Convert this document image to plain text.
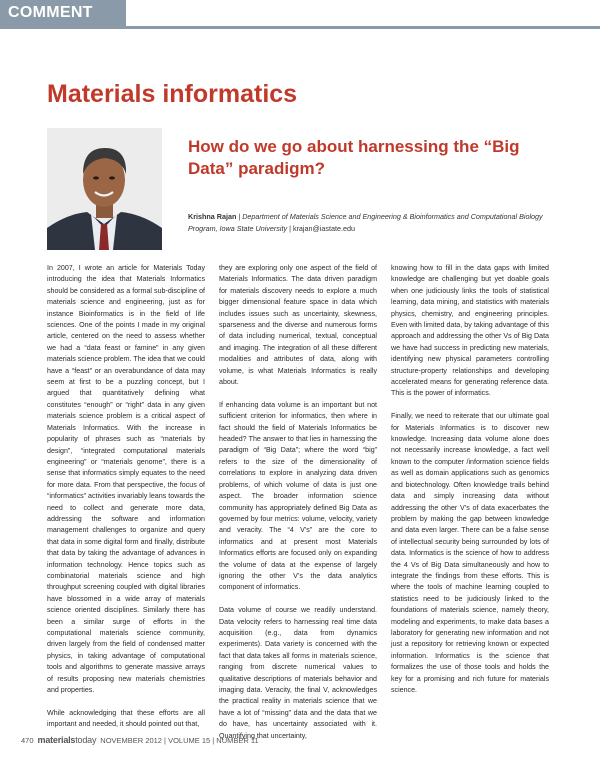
COMMENT
Materials informatics
How do we go about harnessing the “Big Data” paradigm?
Krishna Rajan | Department of Materials Science and Engineering & Bioinformatics and Computational Biology Program, Iowa State University | krajan@iastate.edu

In 2007, I wrote an article for Materials Today introducing the idea that Materials Informatics should be considered as a formal sub-discipline of materials science and engineering, just as for instance Bioinformatics is in the field of life sciences. One of the points I made in my original article, centered on the need to assess whether we had a “data feast or famine” in any given materials science problem. The idea that we could have a “feast” or an overabundance of data may seem at first to be a puzzling concept, but I argued that quantitatively defining what constitutes “enough” or “right” data in any given materials science problem is a critical aspect of Materials Informatics. With the increase in popularity of phrases such as “materials by design”, “integrated computational materials engineering” or “materials genome”, there is a sense that informatics simply equates to the need for more data. From that perspective, the focus of “informatics” activities invariably leans towards the need to collect and generate more data, addressing the software and information management challenges to organize and query that data in some digital form and finally, distribute that data by taking the advantage of advances in information technology. Hence topics such as combinatorial materials science and high throughput screening coupled with digital libraries have blossomed in a wide array of materials science oriented disciplines. Similarly there has been a similar surge of efforts in the computational materials science community, driven largely from the field of condensed matter physics, in taking advantage of computational tools and algorithms to generate massive arrays of results proposing new materials chemistries and properties.

While acknowledging that these efforts are all important and needed, it should pointed out that,

they are exploring only one aspect of the field of Materials Informatics. The data driven paradigm for materials discovery needs to explore a much bigger dimensional feature space in data which includes issues such as uncertainty, skewness, sparseness and the diverse and numerous forms of data including numerical, textual, conceptual and imaging. The integration of all these different modalities and attributes of data, along with volume, is what Materials Informatics is really about.

If enhancing data volume is an important but not sufficient criterion for informatics, then where in fact should the field of Materials Informatics be headed? The answer to that lies in harnessing the paradigm of “Big Data”; where the word “big” refers to the size of the dimensionality of correlations to explore in analyzing data driven problems, of which volume of data is just one aspect. The broader information science community has appropriately defined Big Data as governed by four metrics: volume, velocity, variety and veracity. The “4 V’s” are the core to informatics and at present most Materials Informatics efforts are focused only on expanding the volume of data at the expense of largely ignoring the other V’s the data analytics component of informatics.

Data volume of course we readily understand. Data velocity refers to harnessing real time data acquisition (e.g., data from dynamics experiments). Data variety is concerned with the fact that data takes all forms in materials science, ranging from discrete numerical values to qualitative descriptions of materials behavior and imaging data. Veracity, the final V, acknowledges the practical reality in materials science that we have a lot of “missing” data and the data that we do have, has uncertainty associated with it. Quantifying that uncertainty,

knowing how to fill in the data gaps with limited knowledge are challenging but yet doable goals when one judiciously links the tools of statistical learning, data mining, and statistics with materials physics, chemistry, and engineering principles. Even with limited data, by taking advantage of this approach and addressing the other Vs of Big Data we have had success in predicting new materials, identifying new physical parameters controlling structure-property relationships and developing accelerated means for generating reference data. This is the power of informatics.

Finally, we need to reiterate that our ultimate goal for Materials Informatics is to discover new knowledge. Increasing data volume alone does not necessarily increase knowledge, a fact well known to the computer /information science fields as well as domain applications such as genomics and biotechnology. Often knowledge trails behind data and simply increasing data without addressing the other V’s of data exacerbates the problem by making the gap between knowledge and data even larger. There can be a false sense of intellectual security being surrounded by lots of data. Informatics is the science of how to address the 4 Vs of Big Data simultaneously and how to integrate the findings from these efforts. This is where the tools of machine learning coupled to statistics need to be judiciously linked to the foundations of materials science, namely theory, modeling and experiments, to make data bases a laboratory for generating new information and not just a repository for retrieving known or expected information. Informatics is the science that formalizes the use of those tools and holds the key for a promising and rich future for materials science.

470 materialstoday NOVEMBER 2012 | VOLUME 15 | NUMBER 11
